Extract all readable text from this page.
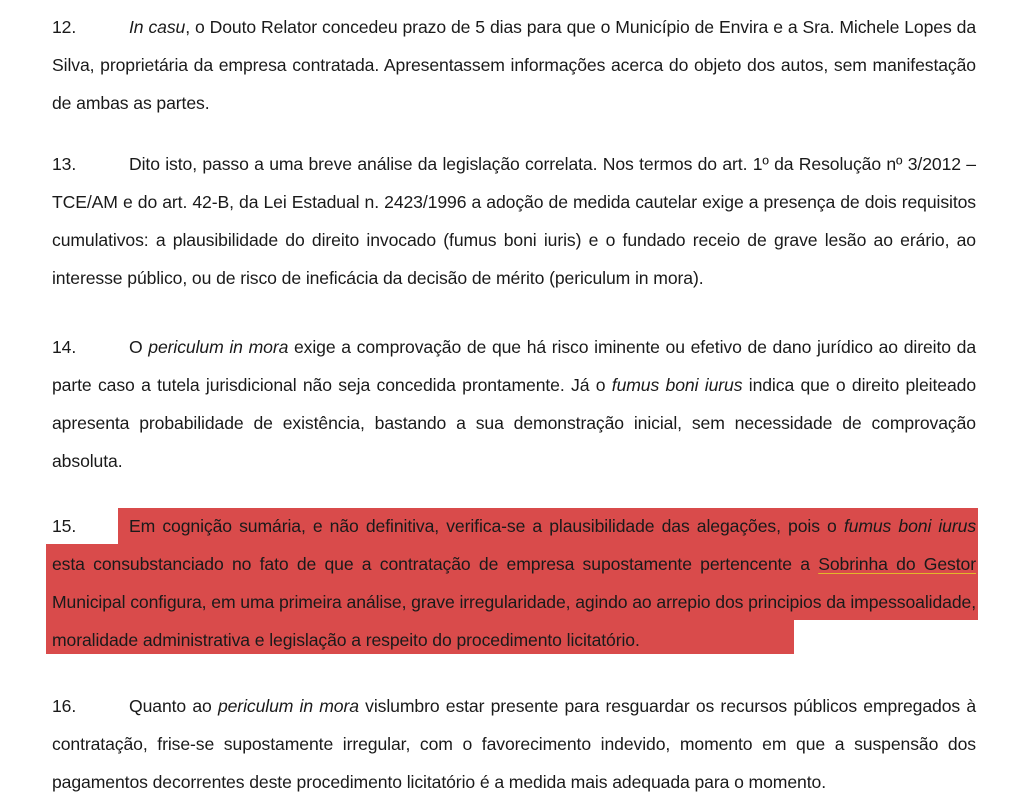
12.	In casu, o Douto Relator concedeu prazo de 5 dias para que o Município de Envira e a Sra. Michele Lopes da Silva, proprietária da empresa contratada. Apresentassem informações acerca do objeto dos autos, sem manifestação de ambas as partes.
13.	Dito isto, passo a uma breve análise da legislação correlata. Nos termos do art. 1º da Resolução nº 3/2012 – TCE/AM e do art. 42-B, da Lei Estadual n. 2423/1996 a adoção de medida cautelar exige a presença de dois requisitos cumulativos: a plausibilidade do direito invocado (fumus boni iuris) e o fundado receio de grave lesão ao erário, ao interesse público, ou de risco de ineficácia da decisão de mérito (periculum in mora).
14.	O periculum in mora exige a comprovação de que há risco iminente ou efetivo de dano jurídico ao direito da parte caso a tutela jurisdicional não seja concedida prontamente. Já o fumus boni iurus indica que o direito pleiteado apresenta probabilidade de existência, bastando a sua demonstração inicial, sem necessidade de comprovação absoluta.
15.	Em cognição sumária, e não definitiva, verifica-se a plausibilidade das alegações, pois o fumus boni iurus esta consubstanciado no fato de que a contratação de empresa supostamente pertencente a Sobrinha do Gestor Municipal configura, em uma primeira análise, grave irregularidade, agindo ao arrepio dos principios da impessoalidade, moralidade administrativa e legislação a respeito do procedimento licitatório.
16.	Quanto ao periculum in mora vislumbro estar presente para resguardar os recursos públicos empregados à contratação, frise-se supostamente irregular, com o favorecimento indevido, momento em que a suspensão dos pagamentos decorrentes deste procedimento licitatório é a medida mais adequada para o momento.
